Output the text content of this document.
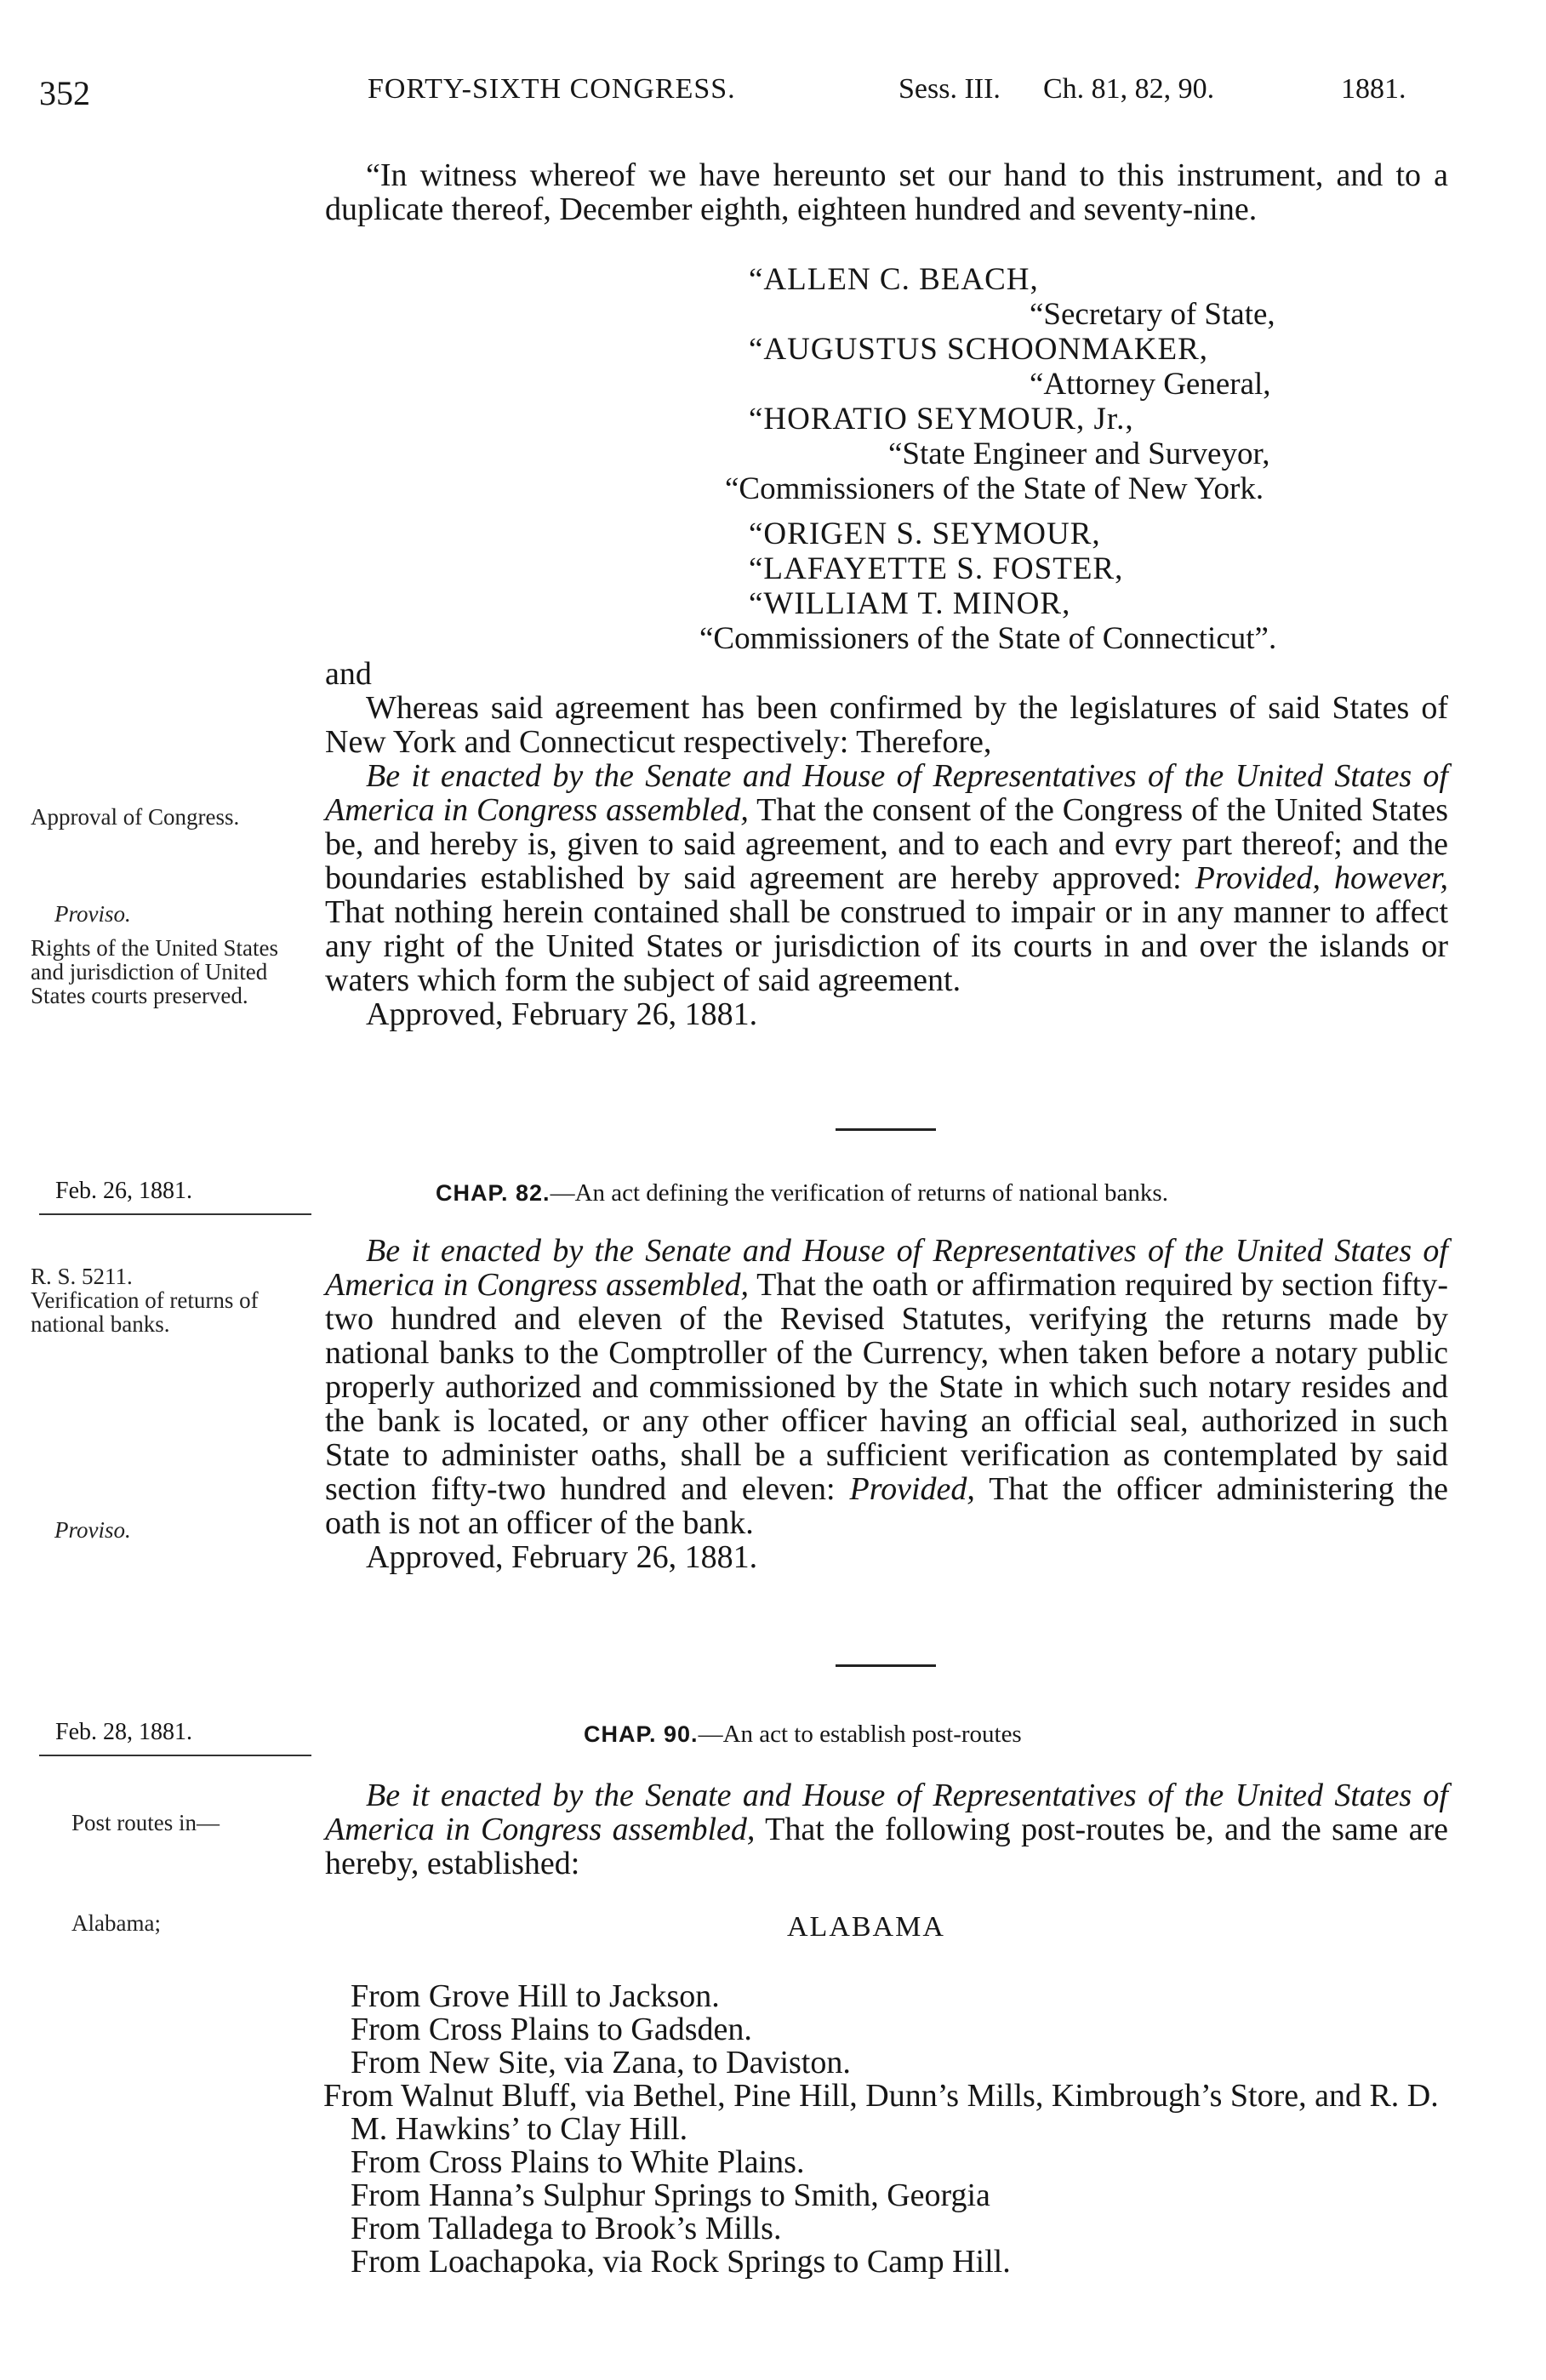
352	FORTY-SIXTH CONGRESS.	Sess. III. Ch. 81, 82, 90.	1881.

“In witness whereof we have hereunto set our hand to this instrument, and to a duplicate thereof, December eighth, eighteen hundred and seventy-nine.

“ALLEN C. BEACH,
“Secretary of State,
“AUGUSTUS SCHOONMAKER,
“Attorney General,
“HORATIO SEYMOUR, Jr.,
“State Engineer and Surveyor,
“Commissioners of the State of New York.
“ORIGEN S. SEYMOUR,
“LAFAYETTE S. FOSTER,
“WILLIAM T. MINOR,
“Commissioners of the State of Connecticut”.

and

Whereas said agreement has been confirmed by the legislatures of said States of New York and Connecticut respectively: Therefore,

Be it enacted by the Senate and House of Representatives of the United States of America in Congress assembled, That the consent of the Congress of the United States be, and hereby is, given to said agreement, and to each and evry part thereof; and the boundaries established by said agreement are hereby approved: Provided, however, That nothing herein contained shall be construed to impair or in any manner to affect any right of the United States or jurisdiction of its courts in and over the islands or waters which form the subject of said agreement.

Approved, February 26, 1881.

Approval of Congress.
Proviso.
Rights of the United States and jurisdiction of United States courts preserved.
Feb. 26, 1881.	CHAP. 82.—An act defining the verification of returns of national banks.

Be it enacted by the Senate and House of Representatives of the United States of America in Congress assembled, That the oath or affirmation required by section fifty-two hundred and eleven of the Revised Statutes, verifying the returns made by national banks to the Comptroller of the Currency, when taken before a notary public properly authorized and commissioned by the State in which such notary resides and the bank is located, or any other officer having an official seal, authorized in such State to administer oaths, shall be a sufficient verification as contemplated by said section fifty-two hundred and eleven: Provided, That the officer administering the oath is not an officer of the bank.

Approved, February 26, 1881.

R. S. 5211.
Verification of returns of national banks.
Proviso.
Feb. 28, 1881.	CHAP. 90.—An act to establish post-routes

Be it enacted by the Senate and House of Representatives of the United States of America in Congress assembled, That the following post-routes be, and the same are hereby, established:

Post routes in—
Alabama;	ALABAMA
From Grove Hill to Jackson.
From Cross Plains to Gadsden.
From New Site, via Zana, to Daviston.
From Walnut Bluff, via Bethel, Pine Hill, Dunn’s Mills, Kimbrough’s Store, and R. D. M. Hawkins’ to Clay Hill.
From Cross Plains to White Plains.
From Hanna’s Sulphur Springs to Smith, Georgia
From Talladega to Brook’s Mills.
From Loachapoka, via Rock Springs to Camp Hill.
